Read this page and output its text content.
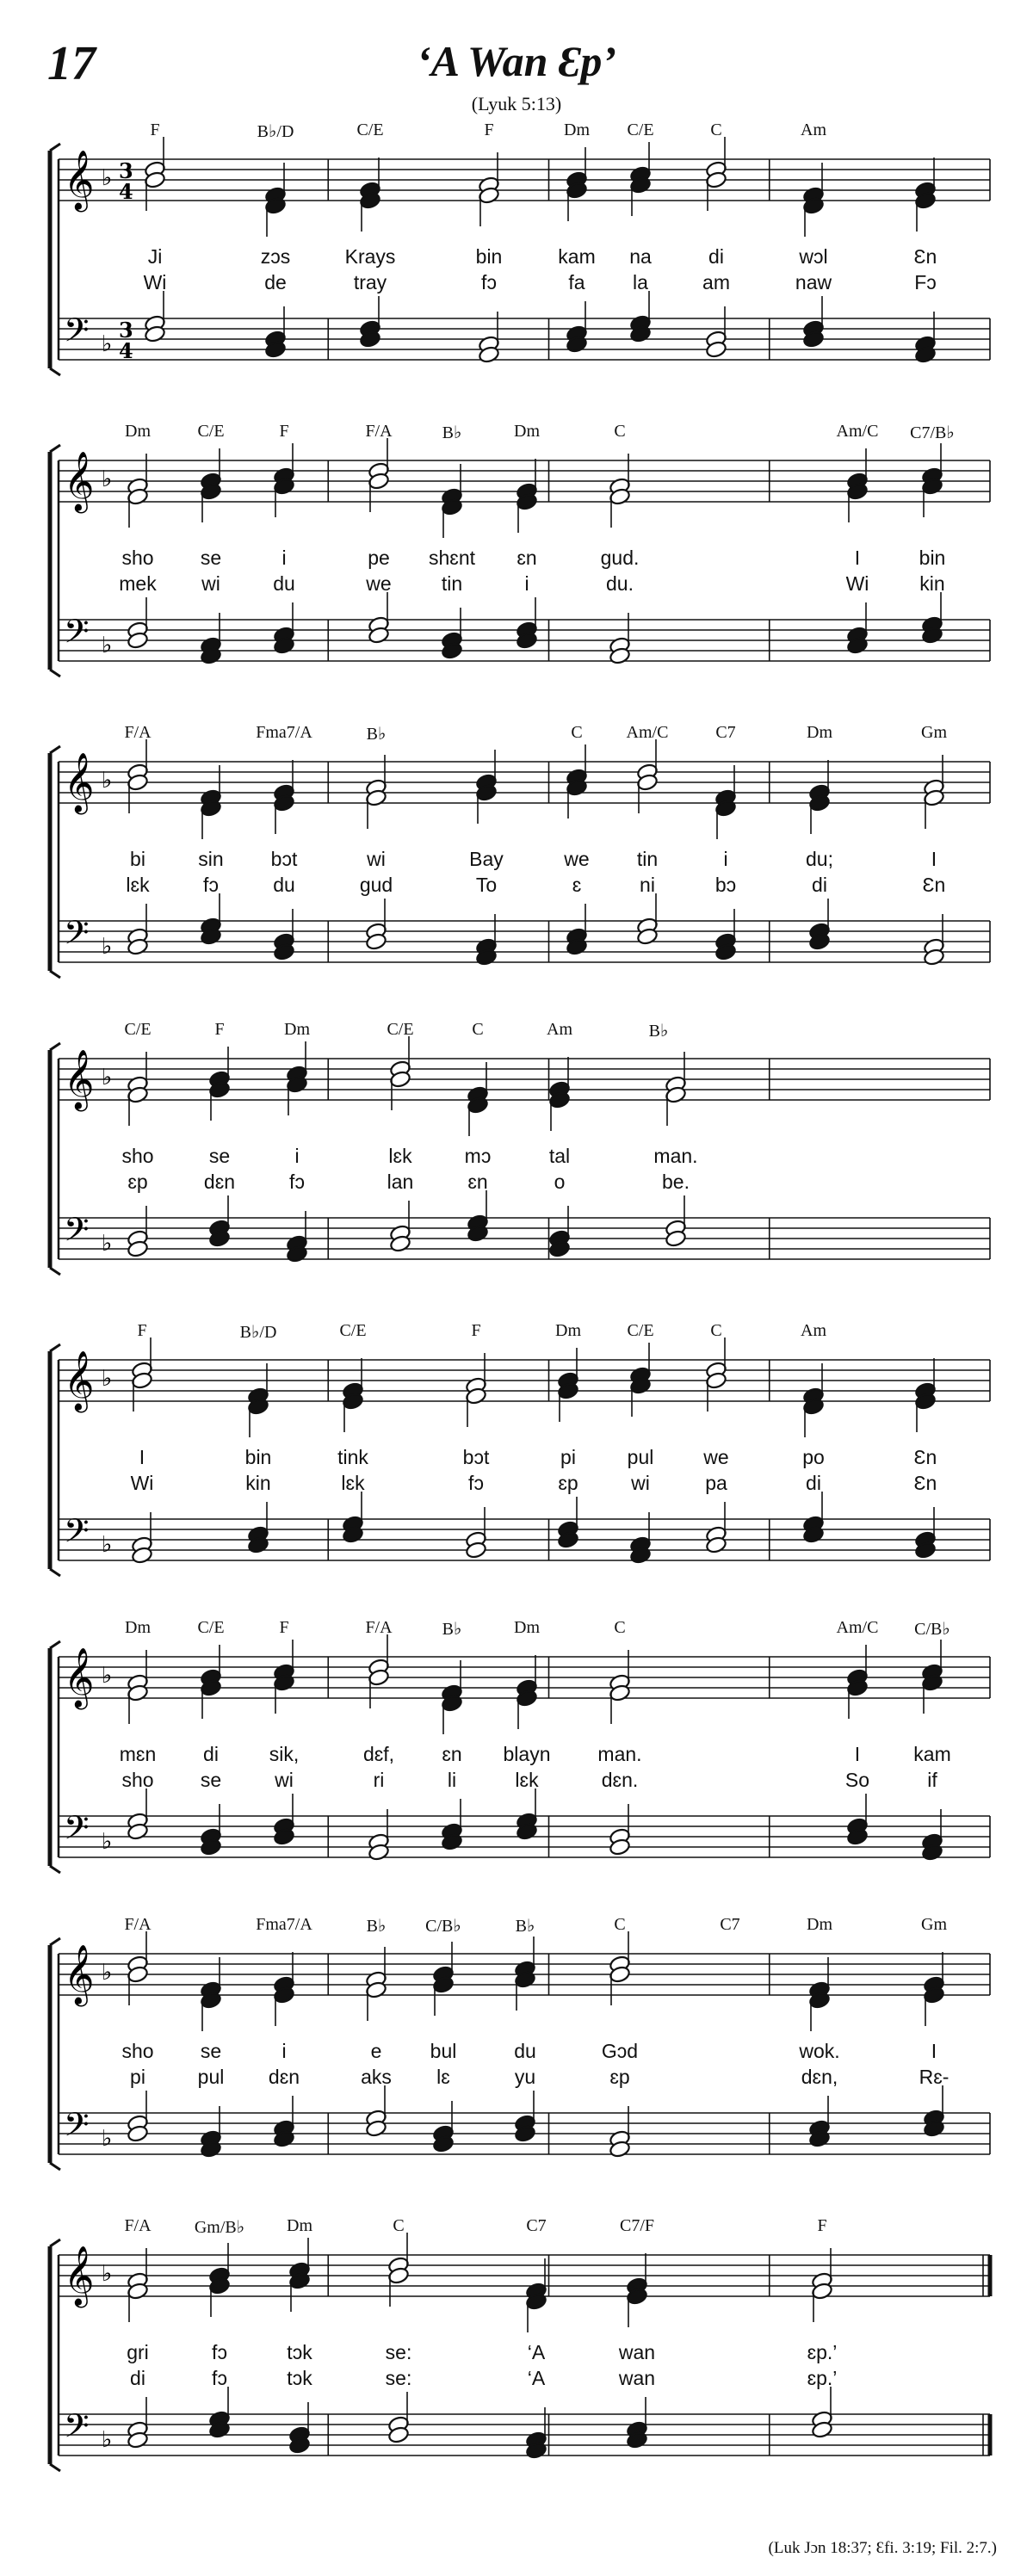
17	‘A Wan Ɛp’
(Lyuk 5:13)
𝄞
𝄢
♭
♭
3
4
3
4
F	B♭/D	C/E	F	Dm C/E	C	Am
Ji	zɔs	Krays	bin	kam na	di	wɔl	Ɛn
Wi	de	tray	fɔ	fa la	am	naw	Fɔ
𝄞
𝄢
♭
♭
Dm	C/E	F	F/A	B♭	Dm	C	Am/C C7/B♭
sho se	i	pe shɛnt ɛn	gud.	I	bin
mek wi	du	we	tin	i	du.	Wi	kin
𝄞
𝄢
♭
♭
F/A	Fma7/A	B♭	C	Am/C	C7	Dm	Gm
bi	sin bɔt	wi	Bay	we tin	i	du;	I
lɛk	fɔ	du	gud	To	ɛ	ni	bɔ	di	Ɛn
𝄞
𝄢
♭
♭
C/E	F	Dm	C/E	C	Am	B♭
sho	se	i	lɛk	mɔ	tal	man.
ɛp	dɛn	fɔ	lan	ɛn	o	be.
𝄞
𝄢
♭
♭
F	B♭/D	C/E	F	Dm	C/E	C	Am
I	bin	tink	bɔt	pi	pul	we	po	Ɛn
Wi	kin	lɛk	fɔ	ɛp	wi	pa	di	Ɛn
𝄞
𝄢
♭
♭
Dm	C/E	F	F/A	B♭	Dm	C	Am/C C/B♭
mɛn di	sik,	dɛf, ɛn blayn man.	I	kam
sho se	wi	ri	li	lɛk	dɛn.	So	if
𝄞
𝄢
♭
♭
F/A	Fma7/A	B♭ C/B♭	B♭	C	C7	Dm	Gm
sho se	i	e bul	du	Gɔd	wok.	I
pi	pul dɛn	aks lɛ	yu	ɛp	dɛn,	Rɛ-
𝄞
𝄢
♭
♭
F/A	Gm/B♭ Dm	C	C7	C7/F	F
gri	fɔ	tɔk	se:	‘A	wan	ɛp.’
di	fɔ	tɔk	se:	‘A	wan	ɛp.’
(Luk Jɔn 18:37; Ɛfi. 3:19; Fil. 2:7.)
